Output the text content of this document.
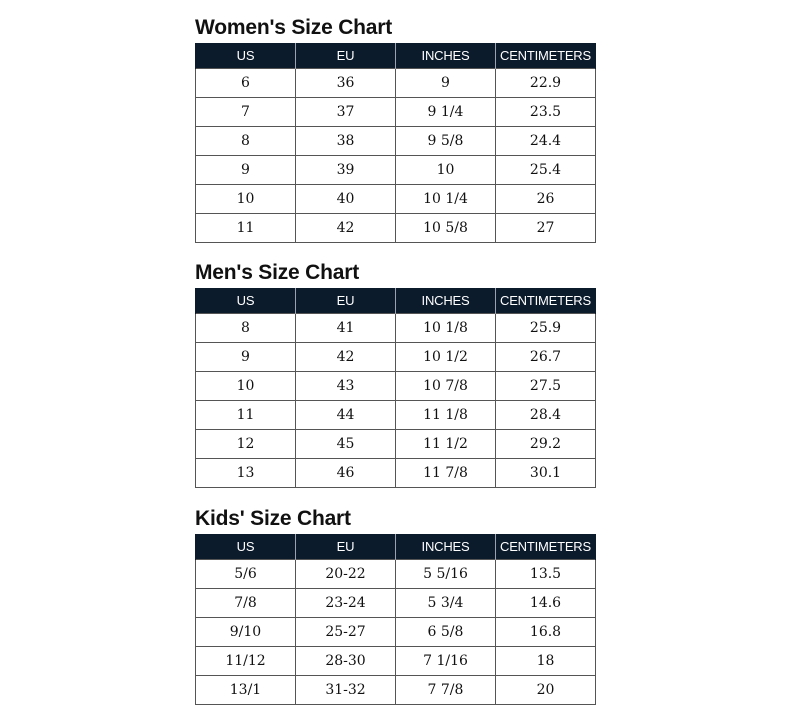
Women's Size Chart
US	EU	INCHES	CENTIMETERS
6	36	9	22.9
7	37	9 1/4	23.5
8	38	9 5/8	24.4
9	39	10	25.4
10	40	10 1/4	26
11	42	10 5/8	27
Men's Size Chart
US	EU	INCHES	CENTIMETERS
8	41	10 1/8	25.9
9	42	10 1/2	26.7
10	43	10 7/8	27.5
11	44	11 1/8	28.4
12	45	11 1/2	29.2
13	46	11 7/8	30.1
Kids' Size Chart
US	EU	INCHES	CENTIMETERS
5/6	20-22	5 5/16	13.5
7/8	23-24	5 3/4	14.6
9/10	25-27	6 5/8	16.8
11/12	28-30	7 1/16	18
13/1	31-32	7 7/8	20
